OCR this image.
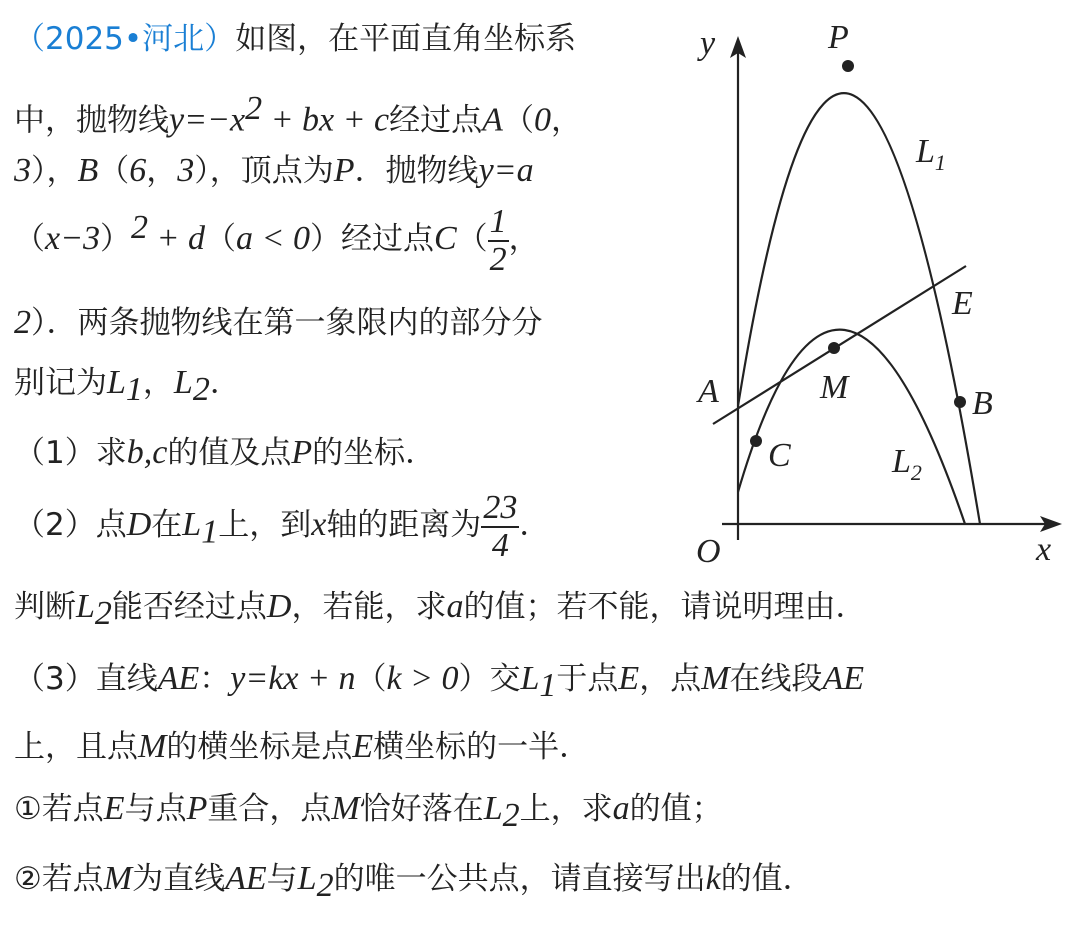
（2025•河北）如图，在平面直角坐标系
中，抛物线$y=-x^2$ + bx + c经过点A（0，
3），B（6，3），顶点为P．抛物线y=a
$(x-3)^2 + d(a < 0)$经过点$C( \frac{1}{2}$ ，
2）．两条抛物线在第一象限内的部分分
别记为$L_1$，$L_2$．
（1）求b,c的值及点P的坐标．
（2）点D在$L_1$上，到x轴的距离为 $\frac{23}{4}$ ．
判断$L_2$能否经过点D，若能，求a的值；若不能，请说明理由．
（3）直线AE：y=kx + n（k > 0）交$L_1$于点E，点M在线段AE
上，且点M的横坐标是点E横坐标的一半．
①若点E与点P重合，点M恰好落在$L_2$上，求a的值；
②若点M为直线AE与$L_2$的唯一公共点，请直接写出k的值．
y
x
O
P
$L_1$
E
A	M	B
C	$L_2$
